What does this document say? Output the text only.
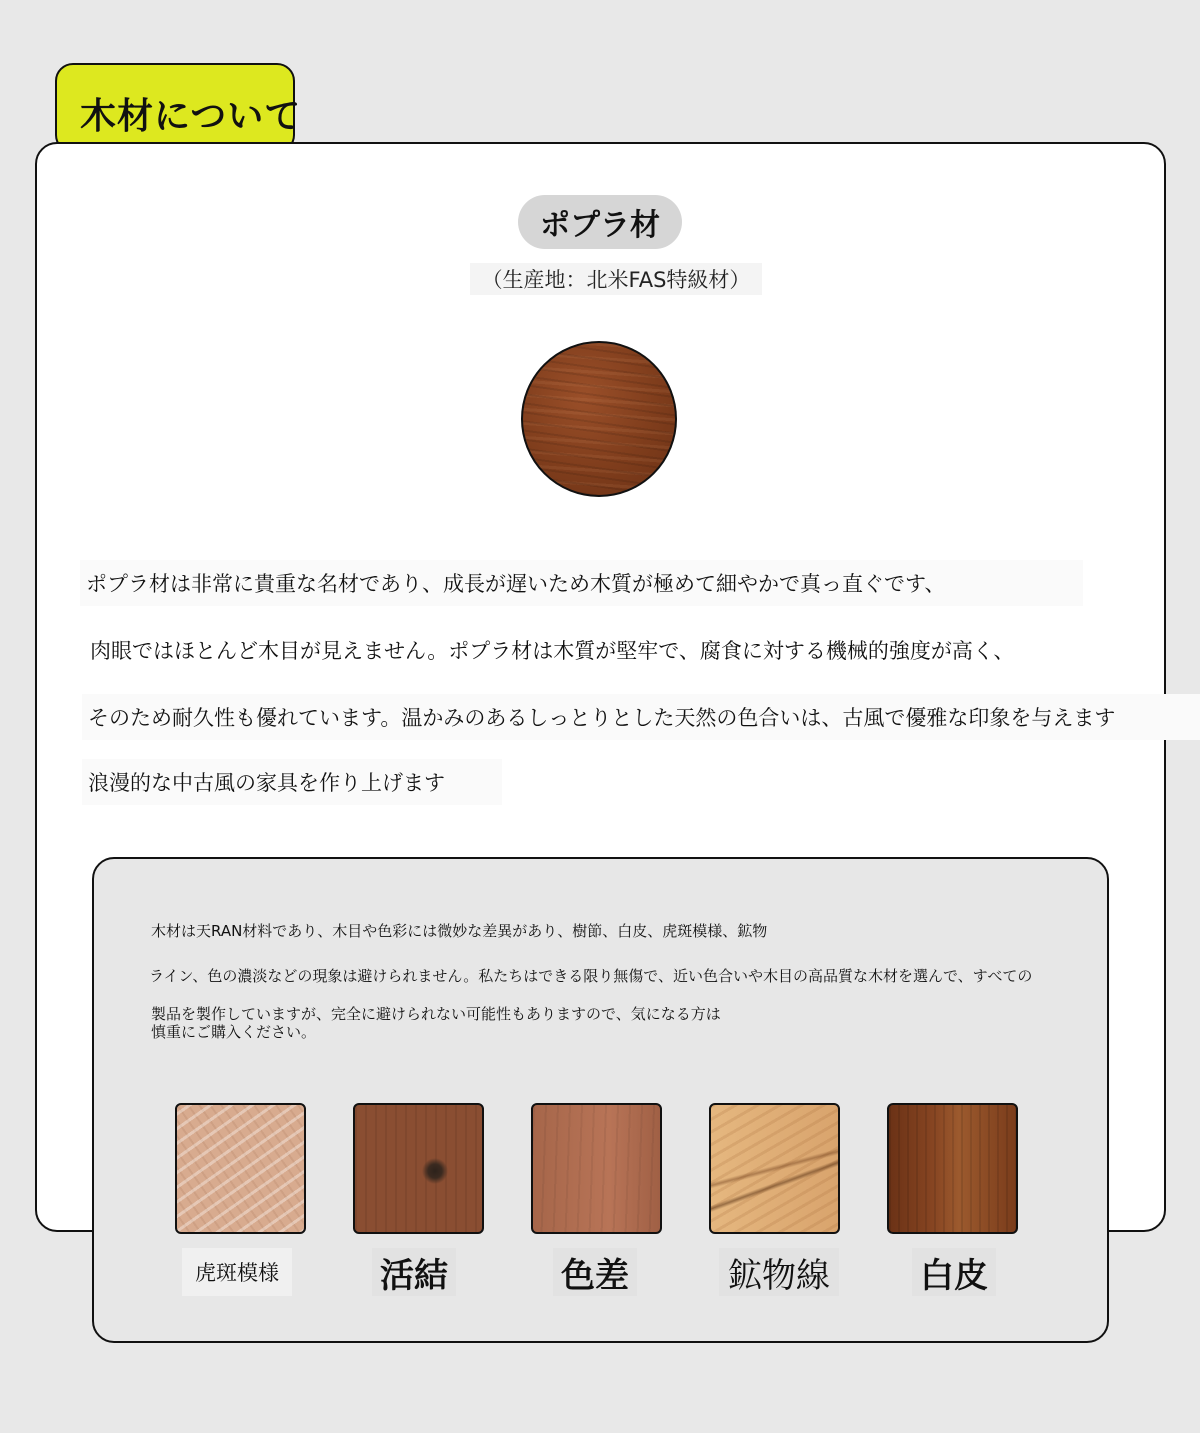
木材について
ポプラ材
（生産地：北米FAS特級材）
ポプラ材は非常に貴重な名材であり、成長が遅いため木質が極めて細やかで真っ直ぐです、
肉眼ではほとんど木目が見えません。ポプラ材は木質が堅牢で、腐食に対する機械的強度が高く、
そのため耐久性も優れています。温かみのあるしっとりとした天然の色合いは、古風で優雅な印象を与えます
浪漫的な中古風の家具を作り上げます
木材は天RAN材料であり、木目や色彩には微妙な差異があり、樹節、白皮、虎斑模様、鉱物
ライン、色の濃淡などの現象は避けられません。私たちはできる限り無傷で、近い色合いや木目の高品質な木材を選んで、すべての
製品を製作していますが、完全に避けられない可能性もありますので、気になる方は
慎重にご購入ください。
虎斑模様	活結	色差	鉱物線	白皮
